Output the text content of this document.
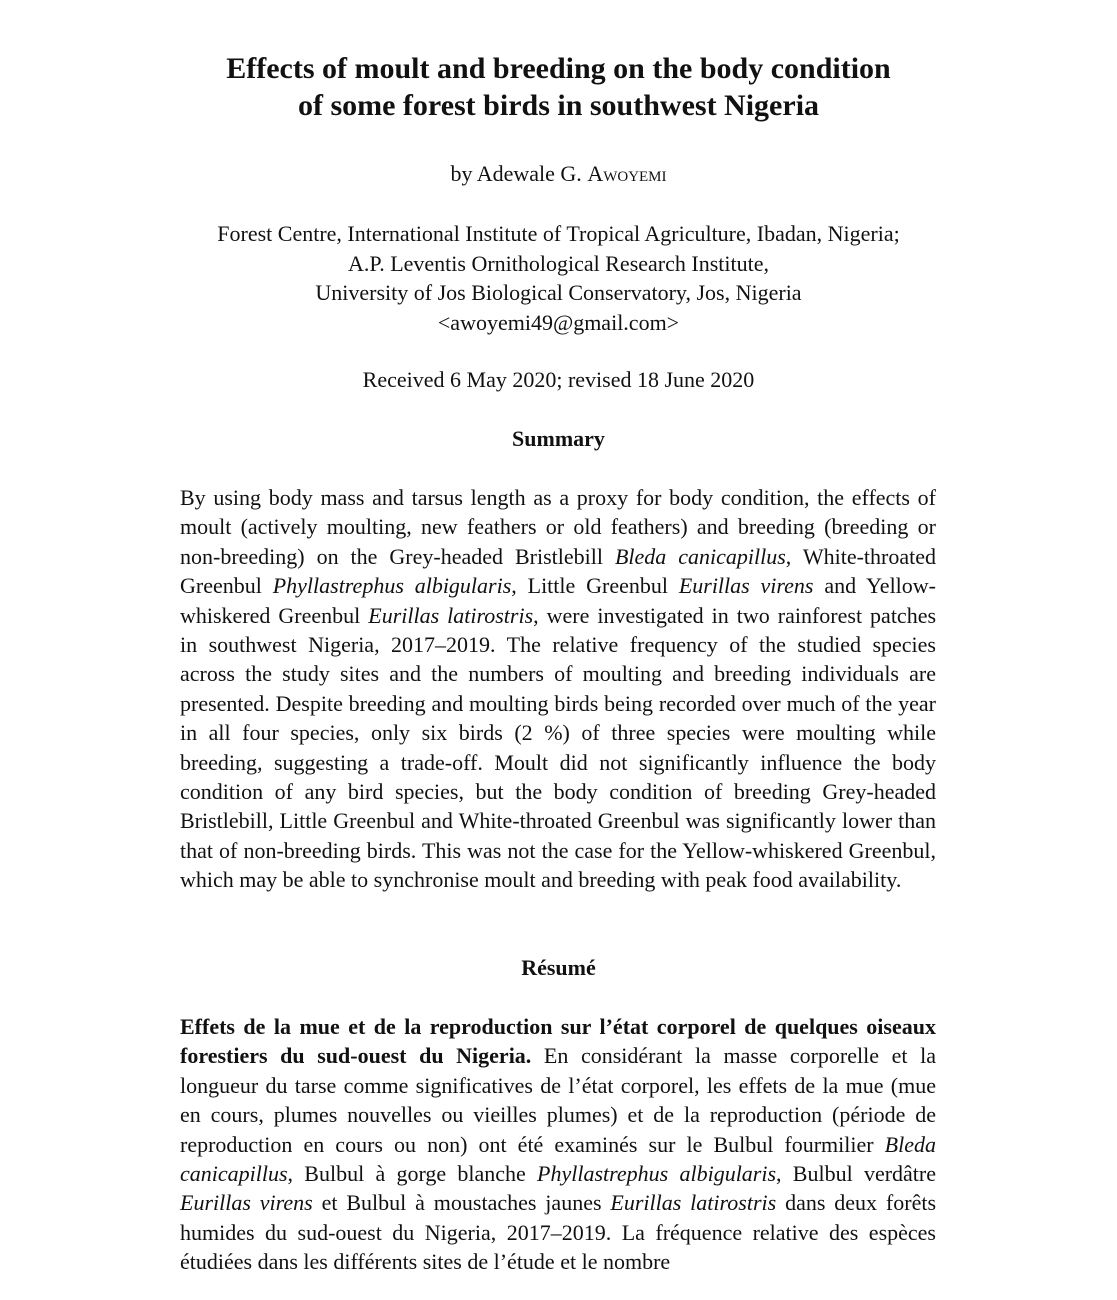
Effects of moult and breeding on the body condition
of some forest birds in southwest Nigeria
by Adewale G. Awoyemi
Forest Centre, International Institute of Tropical Agriculture, Ibadan, Nigeria;
A.P. Leventis Ornithological Research Institute,
University of Jos Biological Conservatory, Jos, Nigeria
<awoyemi49@gmail.com>
Received 6 May 2020; revised 18 June 2020
Summary

By using body mass and tarsus length as a proxy for body condition, the effects of moult (actively moulting, new feathers or old feathers) and breeding (breeding or non-breeding) on the Grey-headed Bristlebill Bleda canicapillus, White-throated Greenbul Phyllastrephus albigularis, Little Greenbul Eurillas virens and Yellow-whiskered Greenbul Eurillas latirostris, were investigated in two rainforest patches in southwest Nigeria, 2017–2019. The relative frequency of the studied species across the study sites and the numbers of moulting and breeding individuals are presented. Despite breeding and moulting birds being recorded over much of the year in all four species, only six birds (2 %) of three species were moulting while breeding, suggesting a trade-off. Moult did not significantly influence the body condition of any bird species, but the body condition of breeding Grey-headed Bristlebill, Little Greenbul and White-throated Greenbul was significantly lower than that of non-breeding birds. This was not the case for the Yellow-whiskered Greenbul, which may be able to synchronise moult and breeding with peak food availability.

Résumé

Effets de la mue et de la reproduction sur l’état corporel de quelques oiseaux forestiers du sud-ouest du Nigeria. En considérant la masse corporelle et la longueur du tarse comme significatives de l’état corporel, les effets de la mue (mue en cours, plumes nouvelles ou vieilles plumes) et de la reproduction (période de reproduction en cours ou non) ont été examinés sur le Bulbul fourmilier Bleda canicapillus, Bulbul à gorge blanche Phyllastrephus albigularis, Bulbul verdâtre Eurillas virens et Bulbul à moustaches jaunes Eurillas latirostris dans deux forêts humides du sud-ouest du Nigeria, 2017–2019. La fréquence relative des espèces étudiées dans les différents sites de l’étude et le nombre
